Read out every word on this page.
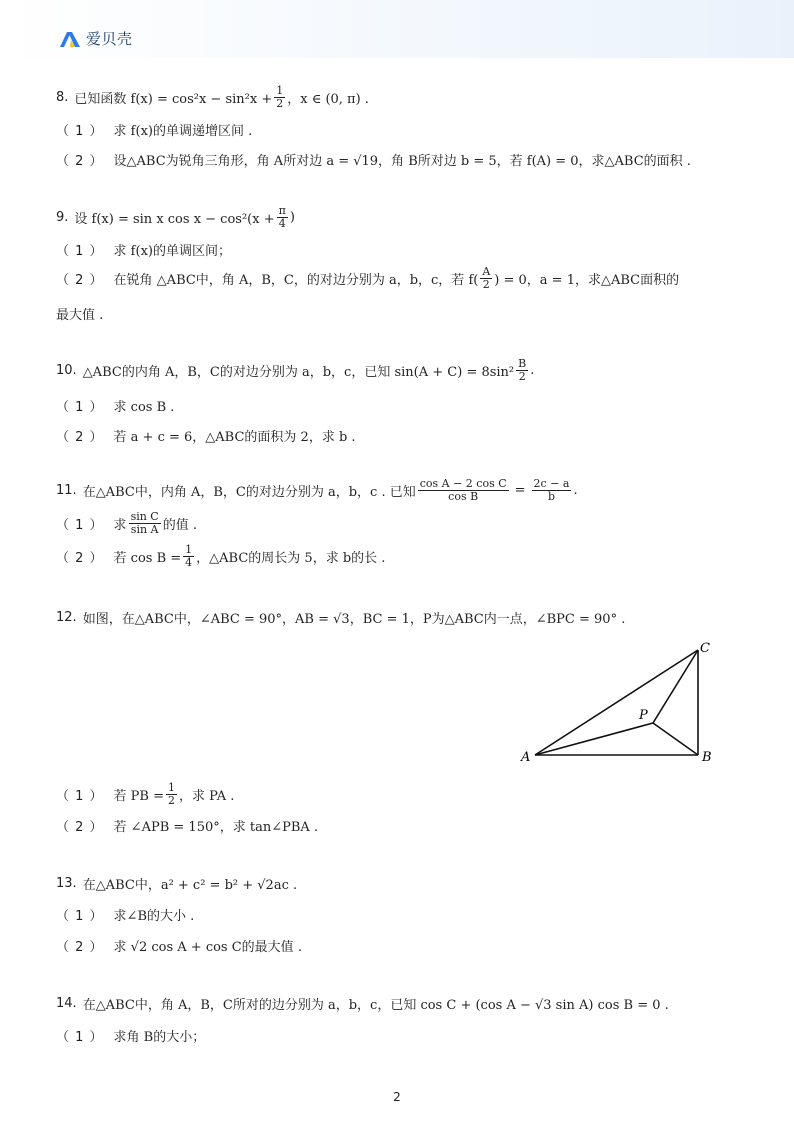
爱贝壳
8. 已知函数 $f(x) = \cos^2x - \sin^2x + \frac{1}{2}$ ，x ∈ (0, π) .
（ 1 ） 求 f(x)的单调递增区间 .
（ 2 ） 设△ABC为锐角三角形，角 A所对边 a = √19，角 B所对边 b = 5，若 f(A) = 0，求△ABC的面积 .
9. 设 f(x) = sin x $\cos x - \cos^2(x + \frac{\pi}{4}$ )
（ 1 ） 求 f(x)的单调区间；
（ 2 ） 在锐角 △ABC中，角 A，B，C，的对边分别为 a，b，c，若 $f( \frac{A}{2}$ ) = 0，a = 1，求△ABC面积的
最大值 .
10. △ABC的内角 A，B，C的对边分别为 a，b，c，已知 $\sin(A + C) = 8\sin^2 \frac{B}{2}$ .
（ 1 ） 求 cos B .
（ 2 ） 若 a + c = 6，△ABC的面积为 2，求 b .
11. 在△ABC中，内角 A，B，C的对边分别为 a，b，c . 已知 $\frac{\text{cos A − 2 cos C}}{\text{cos B}} = \frac{2c - a}{b}$ .
（ 1 ） 求 $\frac{\text{sin C}}{\text{sin A}}$ 的值 .
（ 2 ） 若 $\cos B = \frac{1}{4}$ ，△ABC的周长为 5，求 b的长 .
12. 如图，在△ABC中，∠ABC = 90°，AB = √3，BC = 1，P为△ABC内一点，∠BPC = 90° .
A	B
C
P
（ 1 ） 若 PB = $\frac{1}{2}$ ，求 PA .
（ 2 ） 若 ∠APB = 150°，求 tan∠PBA .
13. 在△ABC中，a² + c² = b² + √2ac .
（ 1 ） 求∠B的大小 .
（ 2 ） 求 √2 cos A + cos C的最大值 .
14. 在△ABC中，角 A，B，C所对的边分别为 a，b，c，已知 cos C + (cos A − √3 sin A) cos B = 0 .
（ 1 ） 求角 B的大小；
2
